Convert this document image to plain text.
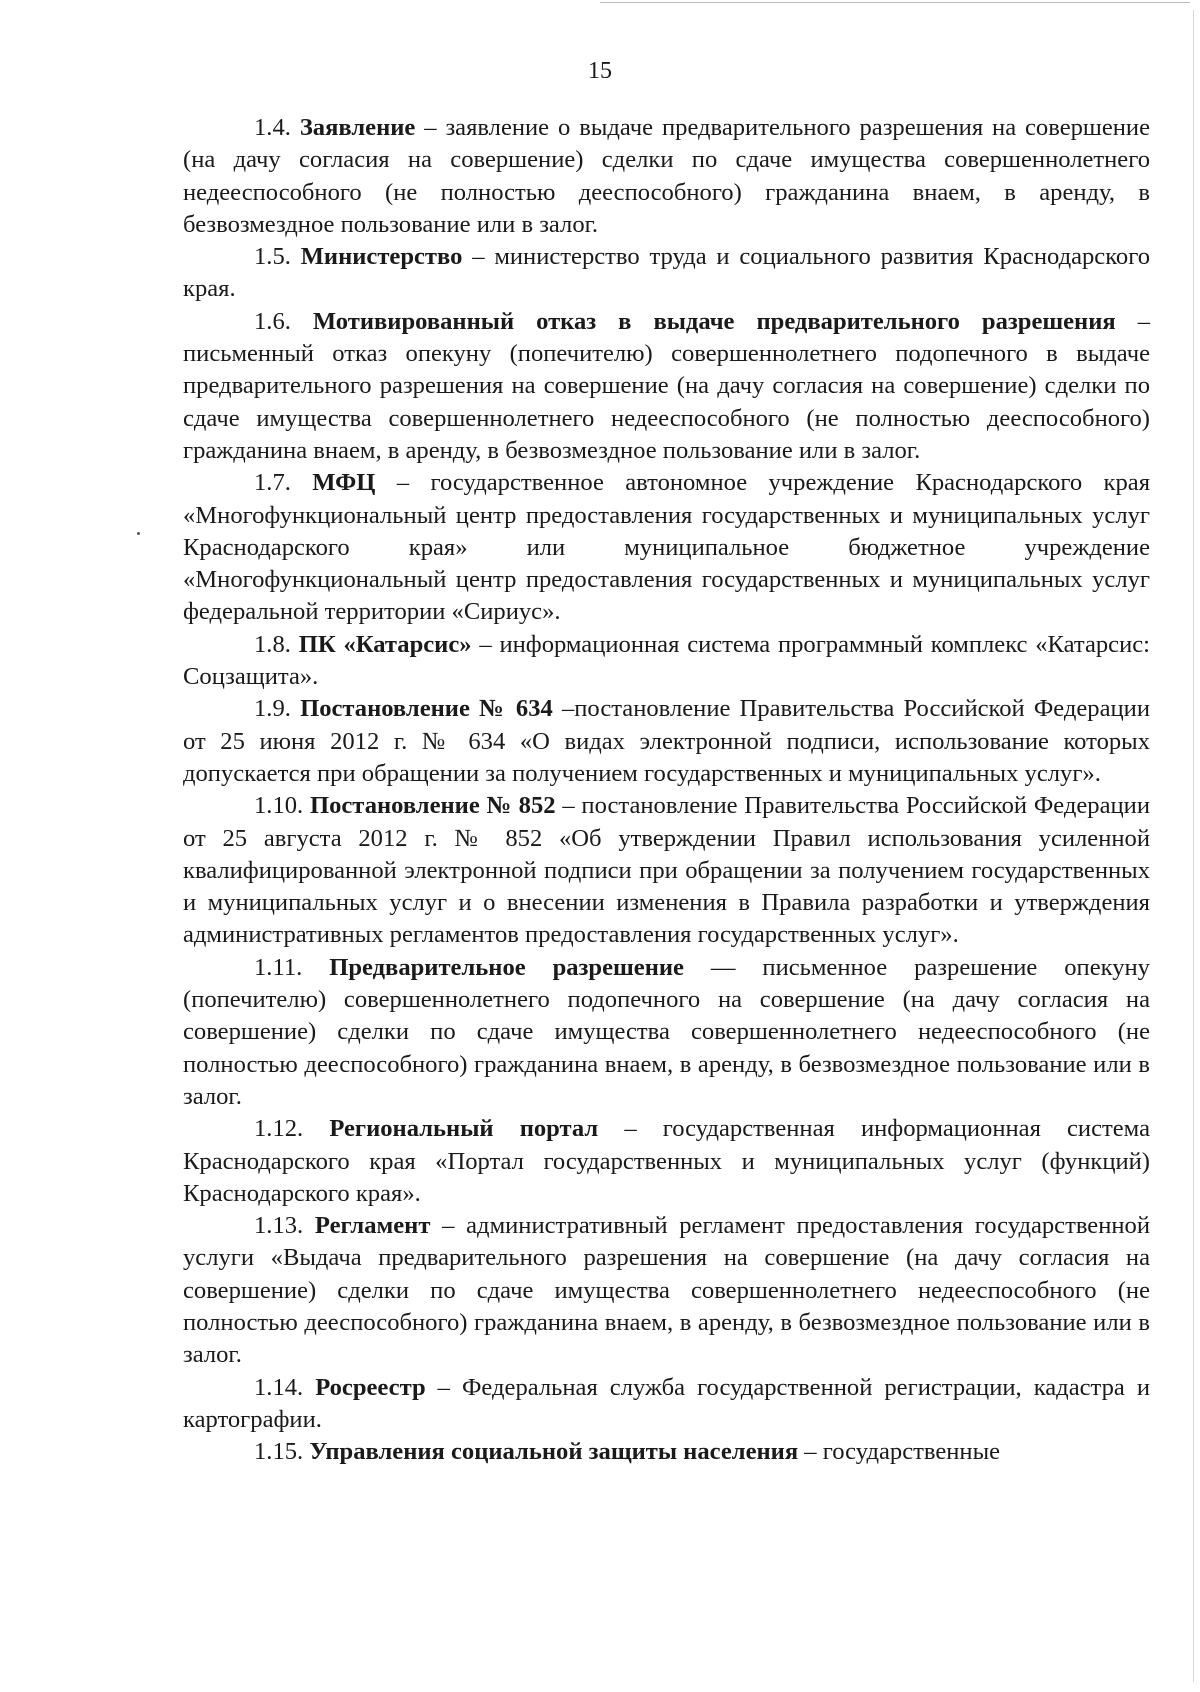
15

1.4. Заявление – заявление о выдаче предварительного разрешения на совершение (на дачу согласия на совершение) сделки по сдаче имущества совершеннолетнего недееспособного (не полностью дееспособного) гражданина внаем, в аренду, в безвозмездное пользование или в залог.

1.5. Министерство – министерство труда и социального развития Краснодарского края.

1.6. Мотивированный отказ в выдаче предварительного разрешения – письменный отказ опекуну (попечителю) совершеннолетнего подопечного в выдаче предварительного разрешения на совершение (на дачу согласия на совершение) сделки по сдаче имущества совершеннолетнего недееспособного (не полностью дееспособного) гражданина внаем, в аренду, в безвозмездное пользование или в залог.

1.7. МФЦ – государственное автономное учреждение Краснодарского края «Многофункциональный центр предоставления государственных и муниципальных услуг Краснодарского края» или муниципальное бюджетное учреждение «Многофункциональный центр предоставления государственных и муниципальных услуг федеральной территории «Сириус».

1.8. ПК «Катарсис» – информационная система программный комплекс «Катарсис: Соцзащита».

1.9. Постановление № 634 –постановление Правительства Российской Федерации от 25 июня 2012 г. № 634 «О видах электронной подписи, использование которых допускается при обращении за получением государственных и муниципальных услуг».

1.10. Постановление № 852 – постановление Правительства Российской Федерации от 25 августа 2012 г. № 852 «Об утверждении Правил использования усиленной квалифицированной электронной подписи при обращении за получением государственных и муниципальных услуг и о внесении изменения в Правила разработки и утверждения административных регламентов предоставления государственных услуг».

1.11. Предварительное разрешение — письменное разрешение опекуну (попечителю) совершеннолетнего подопечного на совершение (на дачу согласия на совершение) сделки по сдаче имущества совершеннолетнего недееспособного (не полностью дееспособного) гражданина внаем, в аренду, в безвозмездное пользование или в залог.

1.12. Региональный портал – государственная информационная система Краснодарского края «Портал государственных и муниципальных услуг (функций) Краснодарского края».

1.13. Регламент – административный регламент предоставления государственной услуги «Выдача предварительного разрешения на совершение (на дачу согласия на совершение) сделки по сдаче имущества совершеннолетнего недееспособного (не полностью дееспособного) гражданина внаем, в аренду, в безвозмездное пользование или в залог.

1.14. Росреестр – Федеральная служба государственной регистрации, кадастра и картографии.

1.15. Управления социальной защиты населения – государственные
